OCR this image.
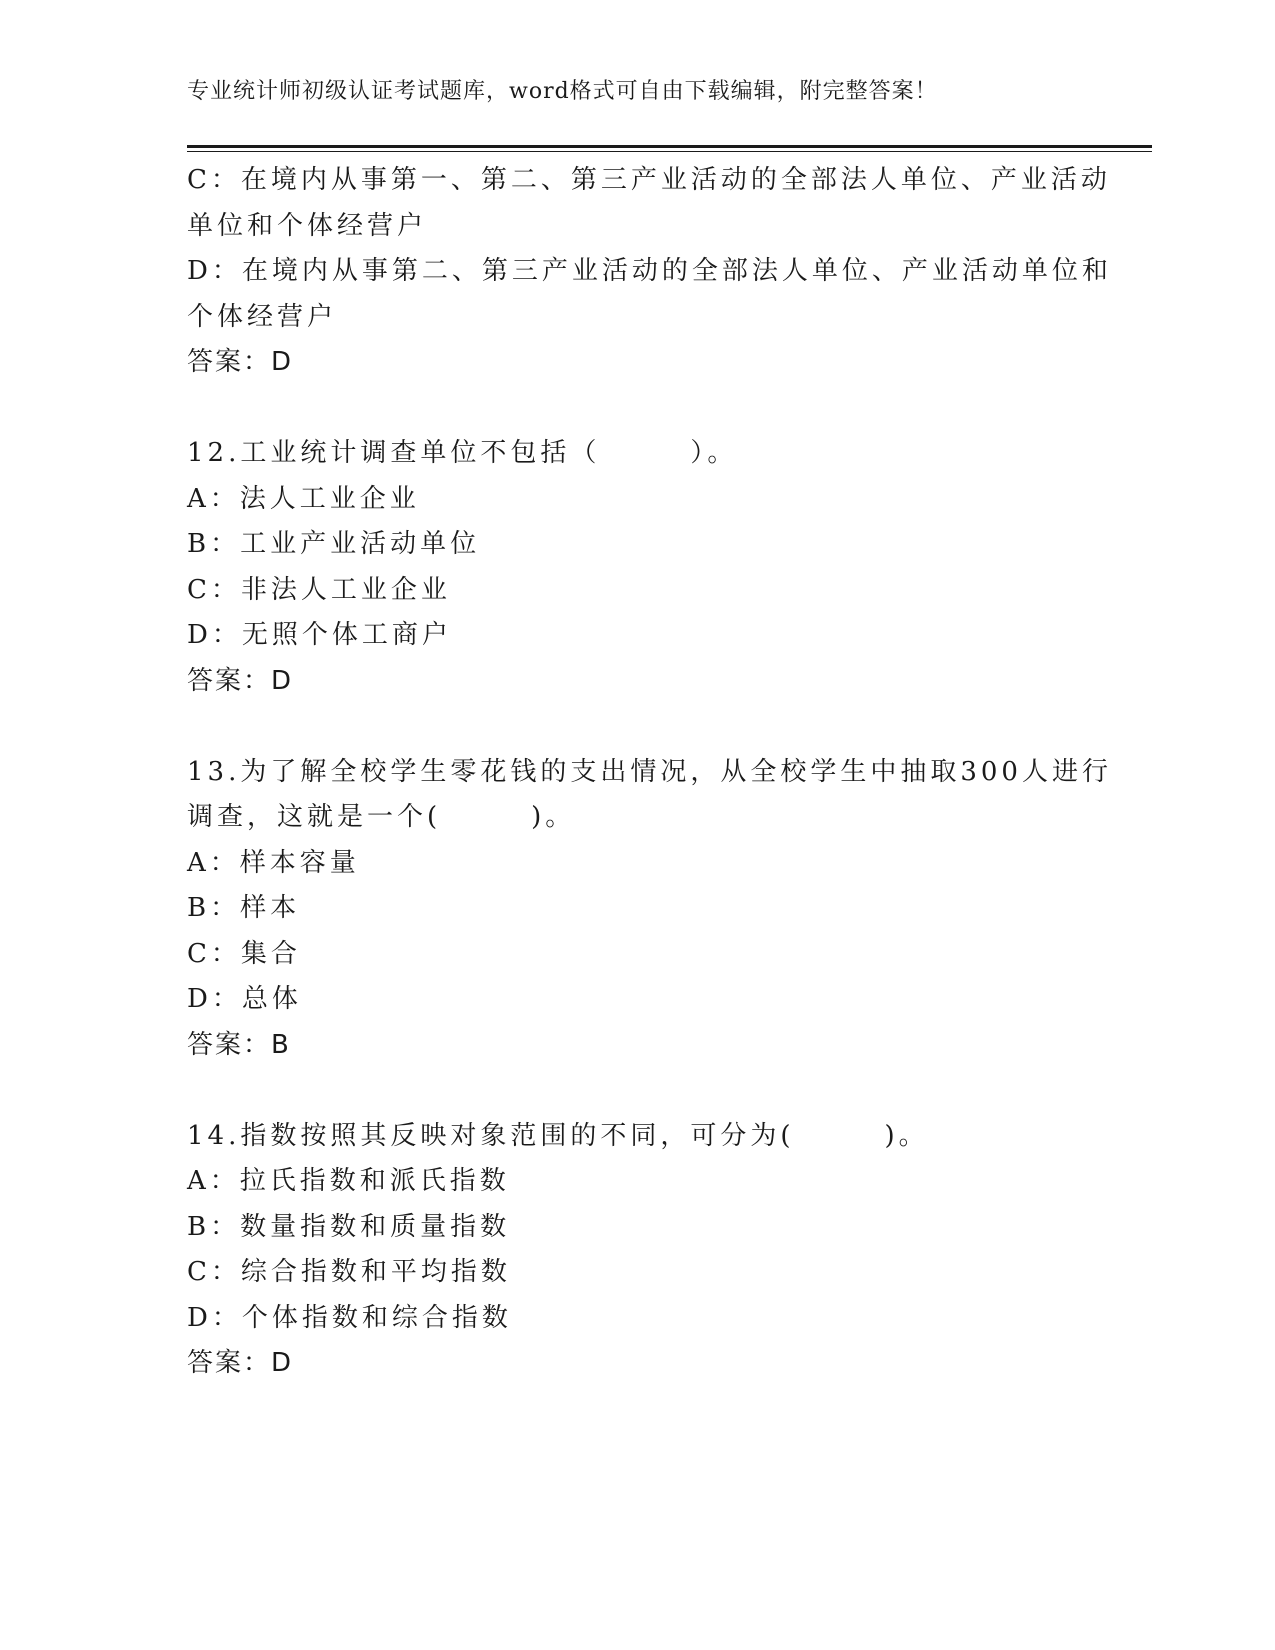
专业统计师初级认证考试题库，word格式可自由下载编辑，附完整答案！
C：在境内从事第一、第二、第三产业活动的全部法人单位、产业活动
单位和个体经营户
D：在境内从事第二、第三产业活动的全部法人单位、产业活动单位和
个体经营户
答案：D
12.工业统计调查单位不包括（　　　）。
A：法人工业企业
B：工业产业活动单位
C：非法人工业企业
D：无照个体工商户
答案：D
13.为了解全校学生零花钱的支出情况，从全校学生中抽取300人进行
调查，这就是一个(　　　)。
A：样本容量
B：样本
C：集合
D：总体
答案：B
14.指数按照其反映对象范围的不同，可分为(　　　)。
A：拉氏指数和派氏指数
B：数量指数和质量指数
C：综合指数和平均指数
D：个体指数和综合指数
答案：D
